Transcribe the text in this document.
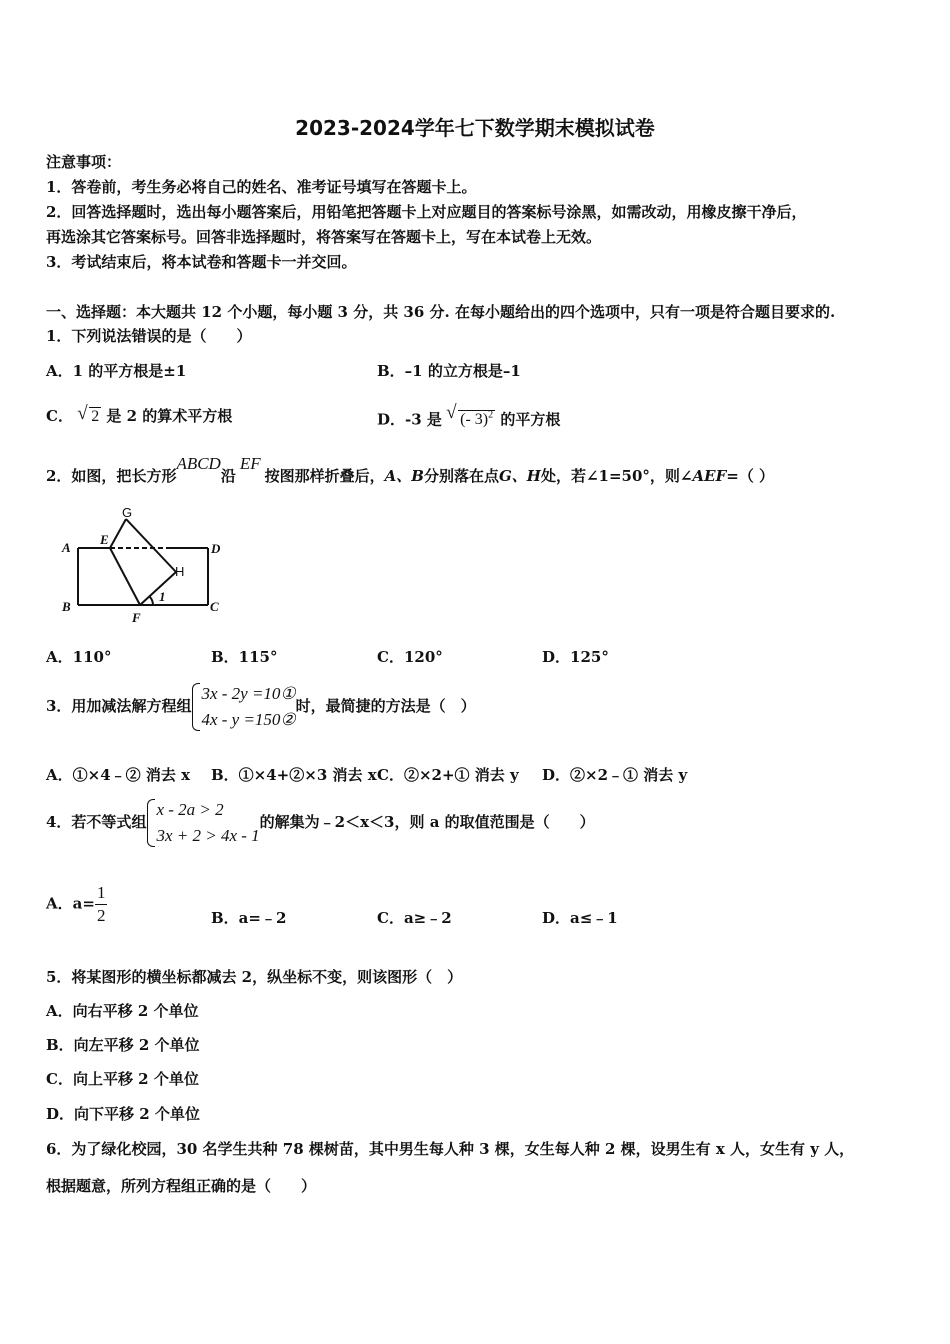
2023-2024学年七下数学期末模拟试卷
注意事项：
1．答卷前，考生务必将自己的姓名、准考证号填写在答题卡上。
2．回答选择题时，选出每小题答案后，用铅笔把答题卡上对应题目的答案标号涂黑，如需改动，用橡皮擦干净后，
再选涂其它答案标号。回答非选择题时，将答案写在答题卡上，写在本试卷上无效。
3．考试结束后，将本试卷和答题卡一并交回。
一、选择题：本大题共 12 个小题，每小题 3 分，共 36 分. 在每小题给出的四个选项中，只有一项是符合题目要求的.
1．下列说法错误的是（　　）
A．1 的平方根是±1	B．–1 的立方根是–1
C． √ 2 是 2 的算术平方根	D．-3 是 √ (- 3)$^2$ 的平方根
2．如图，把长方形ABCD沿EF按图那样折叠后，A、B分别落在点G、H处，若∠1=50°，则∠AEF=（ ）
A
B	C
D
E
F
1
G
H
A．110°	B．115°	C．120°	D．125°
3．用加减法解方程组
3x - 2y =10①
4x - y =150②
时，最简捷的方法是（　）
A．①×4﹣② 消去 x B．①×4+②×3 消去 x C．②×2+① 消去 y D．②×2﹣① 消去 y
4．若不等式组
x - 2a > 2
3x + 2 > 4x - 1
的解集为﹣2＜x＜3，则 a 的取值范围是（　　）
A．$a= \frac{1}{2}$	B．a=﹣2	C．a≥﹣2	D．a≤﹣1
5．将某图形的横坐标都减去 2，纵坐标不变，则该图形（　）
A．向右平移 2 个单位
B．向左平移 2 个单位
C．向上平移 2 个单位
D．向下平移 2 个单位
6．为了绿化校园，30 名学生共种 78 棵树苗，其中男生每人种 3 棵，女生每人种 2 棵，设男生有 x 人，女生有 y 人，
根据题意，所列方程组正确的是（　　）
